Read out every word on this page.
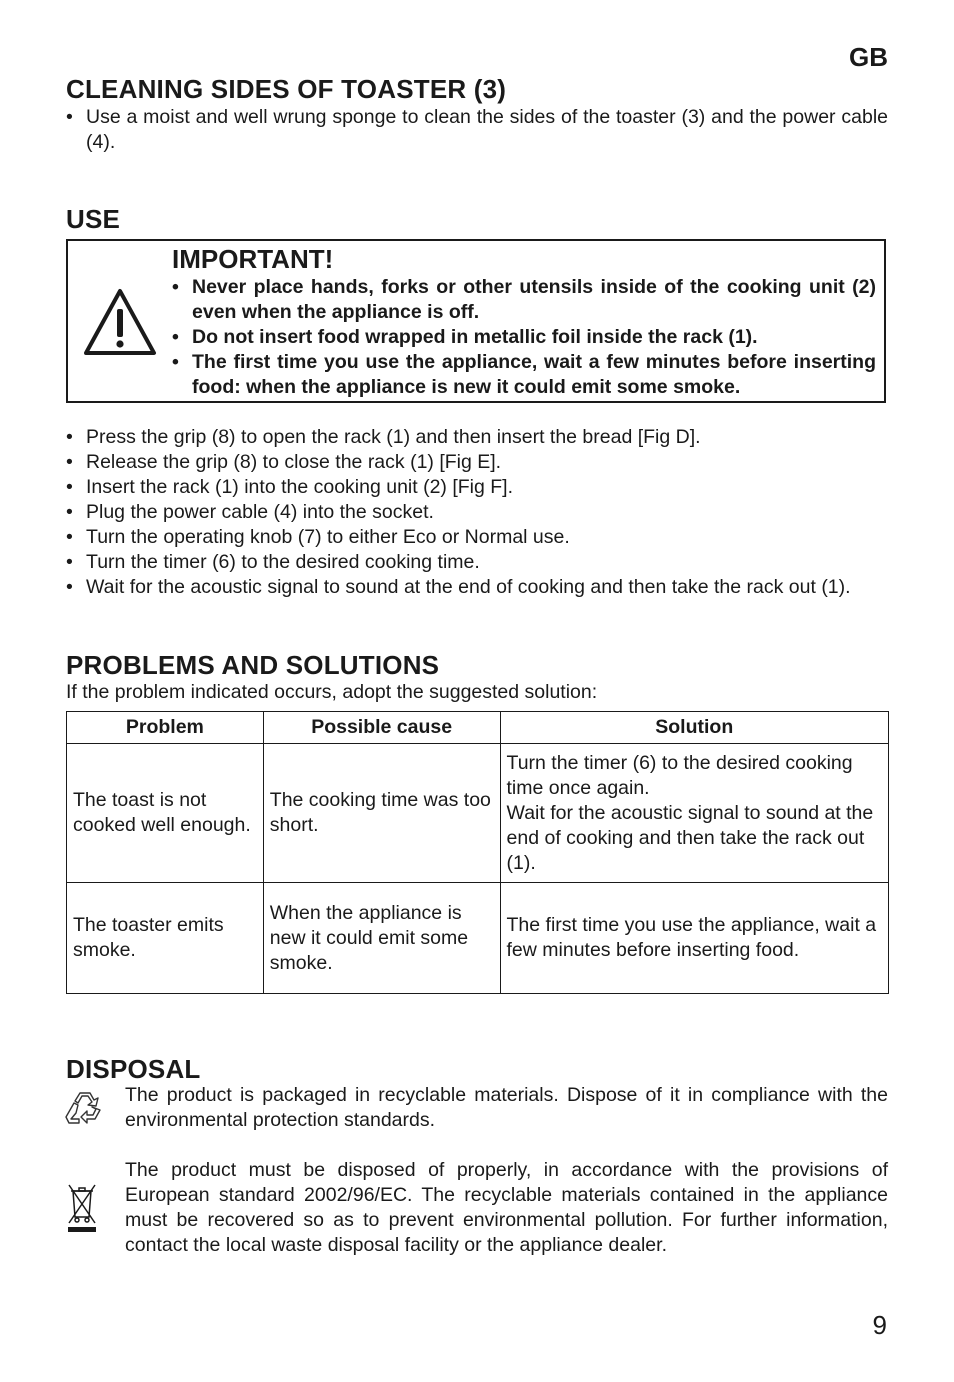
GB
CLEANING SIDES OF TOASTER (3)
• Use a moist and well wrung sponge to clean the sides of the toaster (3) and the power cable (4).
USE
IMPORTANT!
• Never place hands, forks or other utensils inside of the cooking unit (2) even when the appliance is off.
• Do not insert food wrapped in metallic foil inside the rack (1).
• The first time you use the appliance, wait a few minutes before inserting food: when the appliance is new it could emit some smoke.
• Press the grip (8) to open the rack (1) and then insert the bread [Fig D].
• Release the grip (8) to close the rack (1) [Fig E].
• Insert the rack (1) into the cooking unit (2) [Fig F].
• Plug the power cable (4) into the socket.
• Turn the operating knob (7) to either Eco or Normal use.
• Turn the timer (6) to the desired cooking time.
• Wait for the acoustic signal to sound at the end of cooking and then take the rack out (1).
PROBLEMS AND SOLUTIONS
If the problem indicated occurs, adopt the suggested solution:
Problem	Possible cause	Solution
The toast is not cooked well enough.	The cooking time was too short.	Turn the timer (6) to the desired cooking time once again.
Wait for the acoustic signal to sound at the end of cooking and then take the rack out (1).

The toaster emits smoke.	When the appliance is new it could emit some smoke.	The first time you use the appliance, wait a few minutes before inserting food.
DISPOSAL
The product is packaged in recyclable materials. Dispose of it in compliance with the environmental protection standards.
The product must be disposed of properly, in accordance with the provisions of European standard 2002/96/EC. The recyclable materials contained in the appliance must be recovered so as to prevent environmental pollution. For further information, contact the local waste disposal facility or the appliance dealer.
9
